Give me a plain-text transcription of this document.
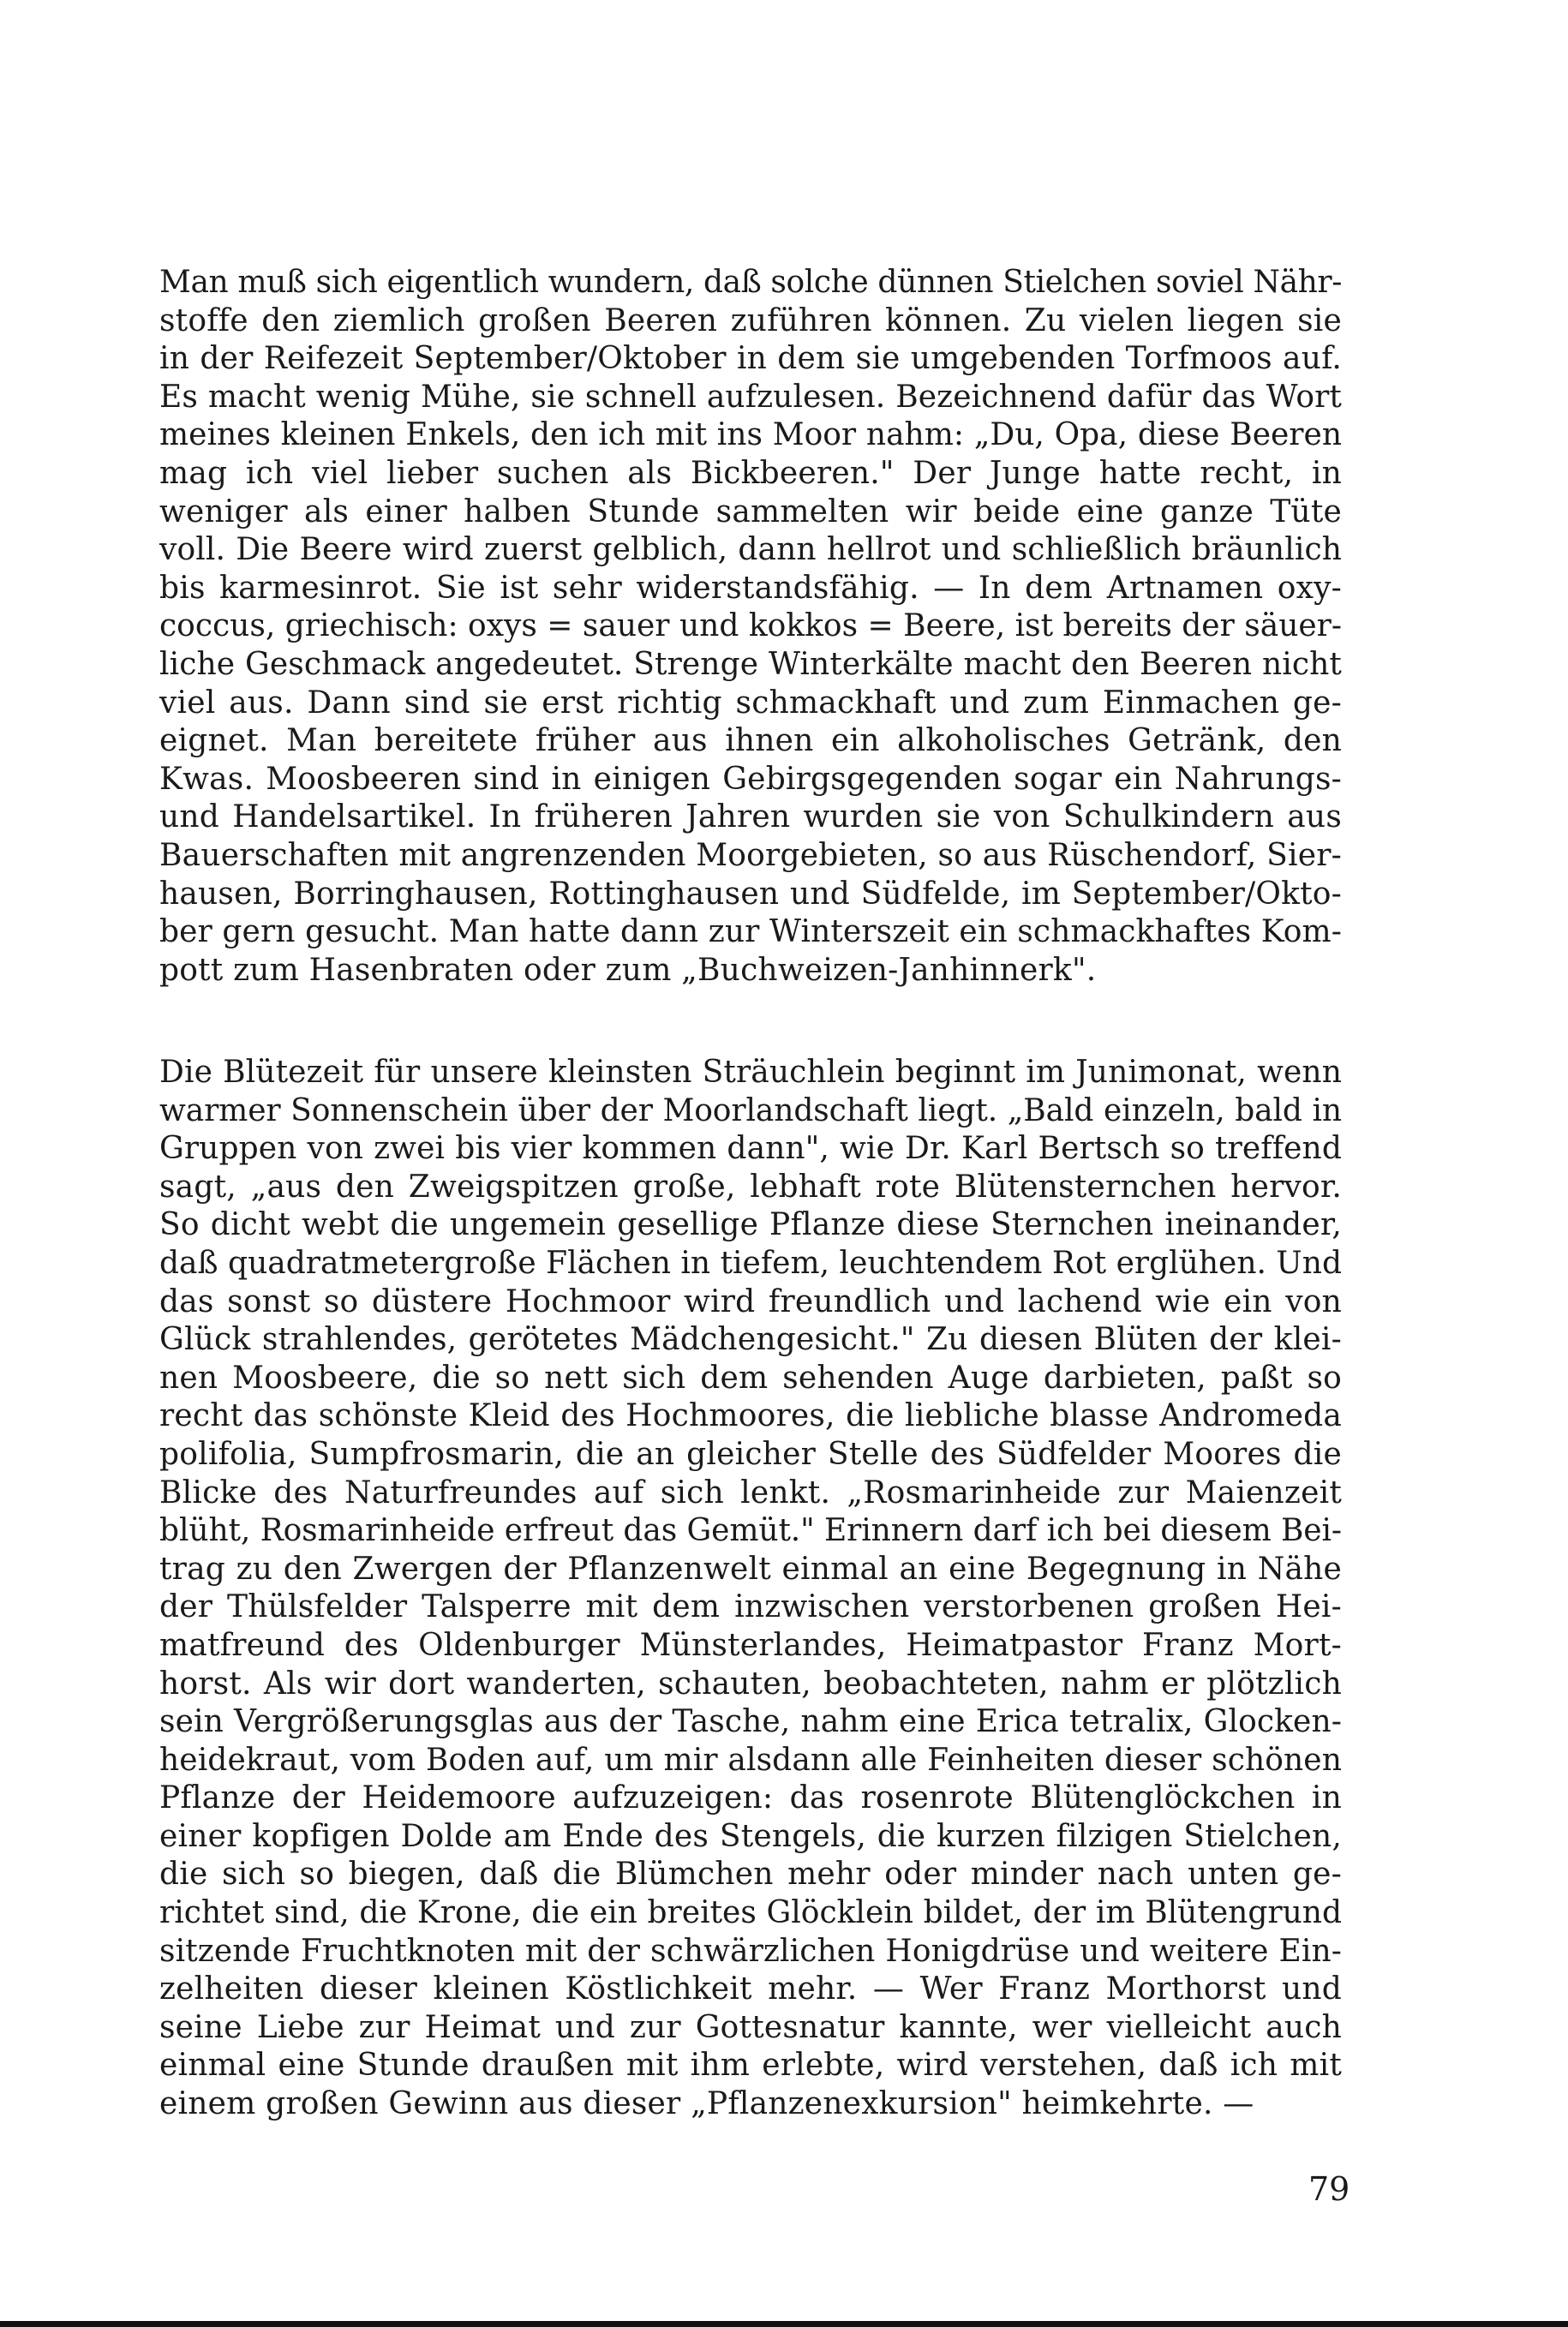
Man muß sich eigentlich wundern, daß solche dünnen Stielchen soviel Nähr-
stoffe den ziemlich großen Beeren zuführen können. Zu vielen liegen sie
in der Reifezeit September/Oktober in dem sie umgebenden Torfmoos auf.
Es macht wenig Mühe, sie schnell aufzulesen. Bezeichnend dafür das Wort
meines kleinen Enkels, den ich mit ins Moor nahm: „Du, Opa, diese Beeren
mag ich viel lieber suchen als Bickbeeren." Der Junge hatte recht, in
weniger als einer halben Stunde sammelten wir beide eine ganze Tüte
voll. Die Beere wird zuerst gelblich, dann hellrot und schließlich bräunlich
bis karmesinrot. Sie ist sehr widerstandsfähig. — In dem Artnamen oxy-
coccus, griechisch: oxys = sauer und kokkos = Beere, ist bereits der säuer-
liche Geschmack angedeutet. Strenge Winterkälte macht den Beeren nicht
viel aus. Dann sind sie erst richtig schmackhaft und zum Einmachen ge-
eignet. Man bereitete früher aus ihnen ein alkoholisches Getränk, den
Kwas. Moosbeeren sind in einigen Gebirgsgegenden sogar ein Nahrungs-
und Handelsartikel. In früheren Jahren wurden sie von Schulkindern aus
Bauerschaften mit angrenzenden Moorgebieten, so aus Rüschendorf, Sier-
hausen, Borringhausen, Rottinghausen und Südfelde, im September/Okto-
ber gern gesucht. Man hatte dann zur Winterszeit ein schmackhaftes Kom-
pott zum Hasenbraten oder zum „Buchweizen-Janhinnerk".

Die Blütezeit für unsere kleinsten Sträuchlein beginnt im Junimonat, wenn
warmer Sonnenschein über der Moorlandschaft liegt. „Bald einzeln, bald in
Gruppen von zwei bis vier kommen dann", wie Dr. Karl Bertsch so treffend
sagt, „aus den Zweigspitzen große, lebhaft rote Blütensternchen hervor.
So dicht webt die ungemein gesellige Pflanze diese Sternchen ineinander,
daß quadratmetergroße Flächen in tiefem, leuchtendem Rot erglühen. Und
das sonst so düstere Hochmoor wird freundlich und lachend wie ein von
Glück strahlendes, gerötetes Mädchengesicht." Zu diesen Blüten der klei-
nen Moosbeere, die so nett sich dem sehenden Auge darbieten, paßt so
recht das schönste Kleid des Hochmoores, die liebliche blasse Andromeda
polifolia, Sumpfrosmarin, die an gleicher Stelle des Südfelder Moores die
Blicke des Naturfreundes auf sich lenkt. „Rosmarinheide zur Maienzeit
blüht, Rosmarinheide erfreut das Gemüt." Erinnern darf ich bei diesem Bei-
trag zu den Zwergen der Pflanzenwelt einmal an eine Begegnung in Nähe
der Thülsfelder Talsperre mit dem inzwischen verstorbenen großen Hei-
matfreund des Oldenburger Münsterlandes, Heimatpastor Franz Mort-
horst. Als wir dort wanderten, schauten, beobachteten, nahm er plötzlich
sein Vergrößerungsglas aus der Tasche, nahm eine Erica tetralix, Glocken-
heidekraut, vom Boden auf, um mir alsdann alle Feinheiten dieser schönen
Pflanze der Heidemoore aufzuzeigen: das rosenrote Blütenglöckchen in
einer kopfigen Dolde am Ende des Stengels, die kurzen filzigen Stielchen,
die sich so biegen, daß die Blümchen mehr oder minder nach unten ge-
richtet sind, die Krone, die ein breites Glöcklein bildet, der im Blütengrund
sitzende Fruchtknoten mit der schwärzlichen Honigdrüse und weitere Ein-
zelheiten dieser kleinen Köstlichkeit mehr. — Wer Franz Morthorst und
seine Liebe zur Heimat und zur Gottesnatur kannte, wer vielleicht auch
einmal eine Stunde draußen mit ihm erlebte, wird verstehen, daß ich mit
einem großen Gewinn aus dieser „Pflanzenexkursion" heimkehrte. —

79
